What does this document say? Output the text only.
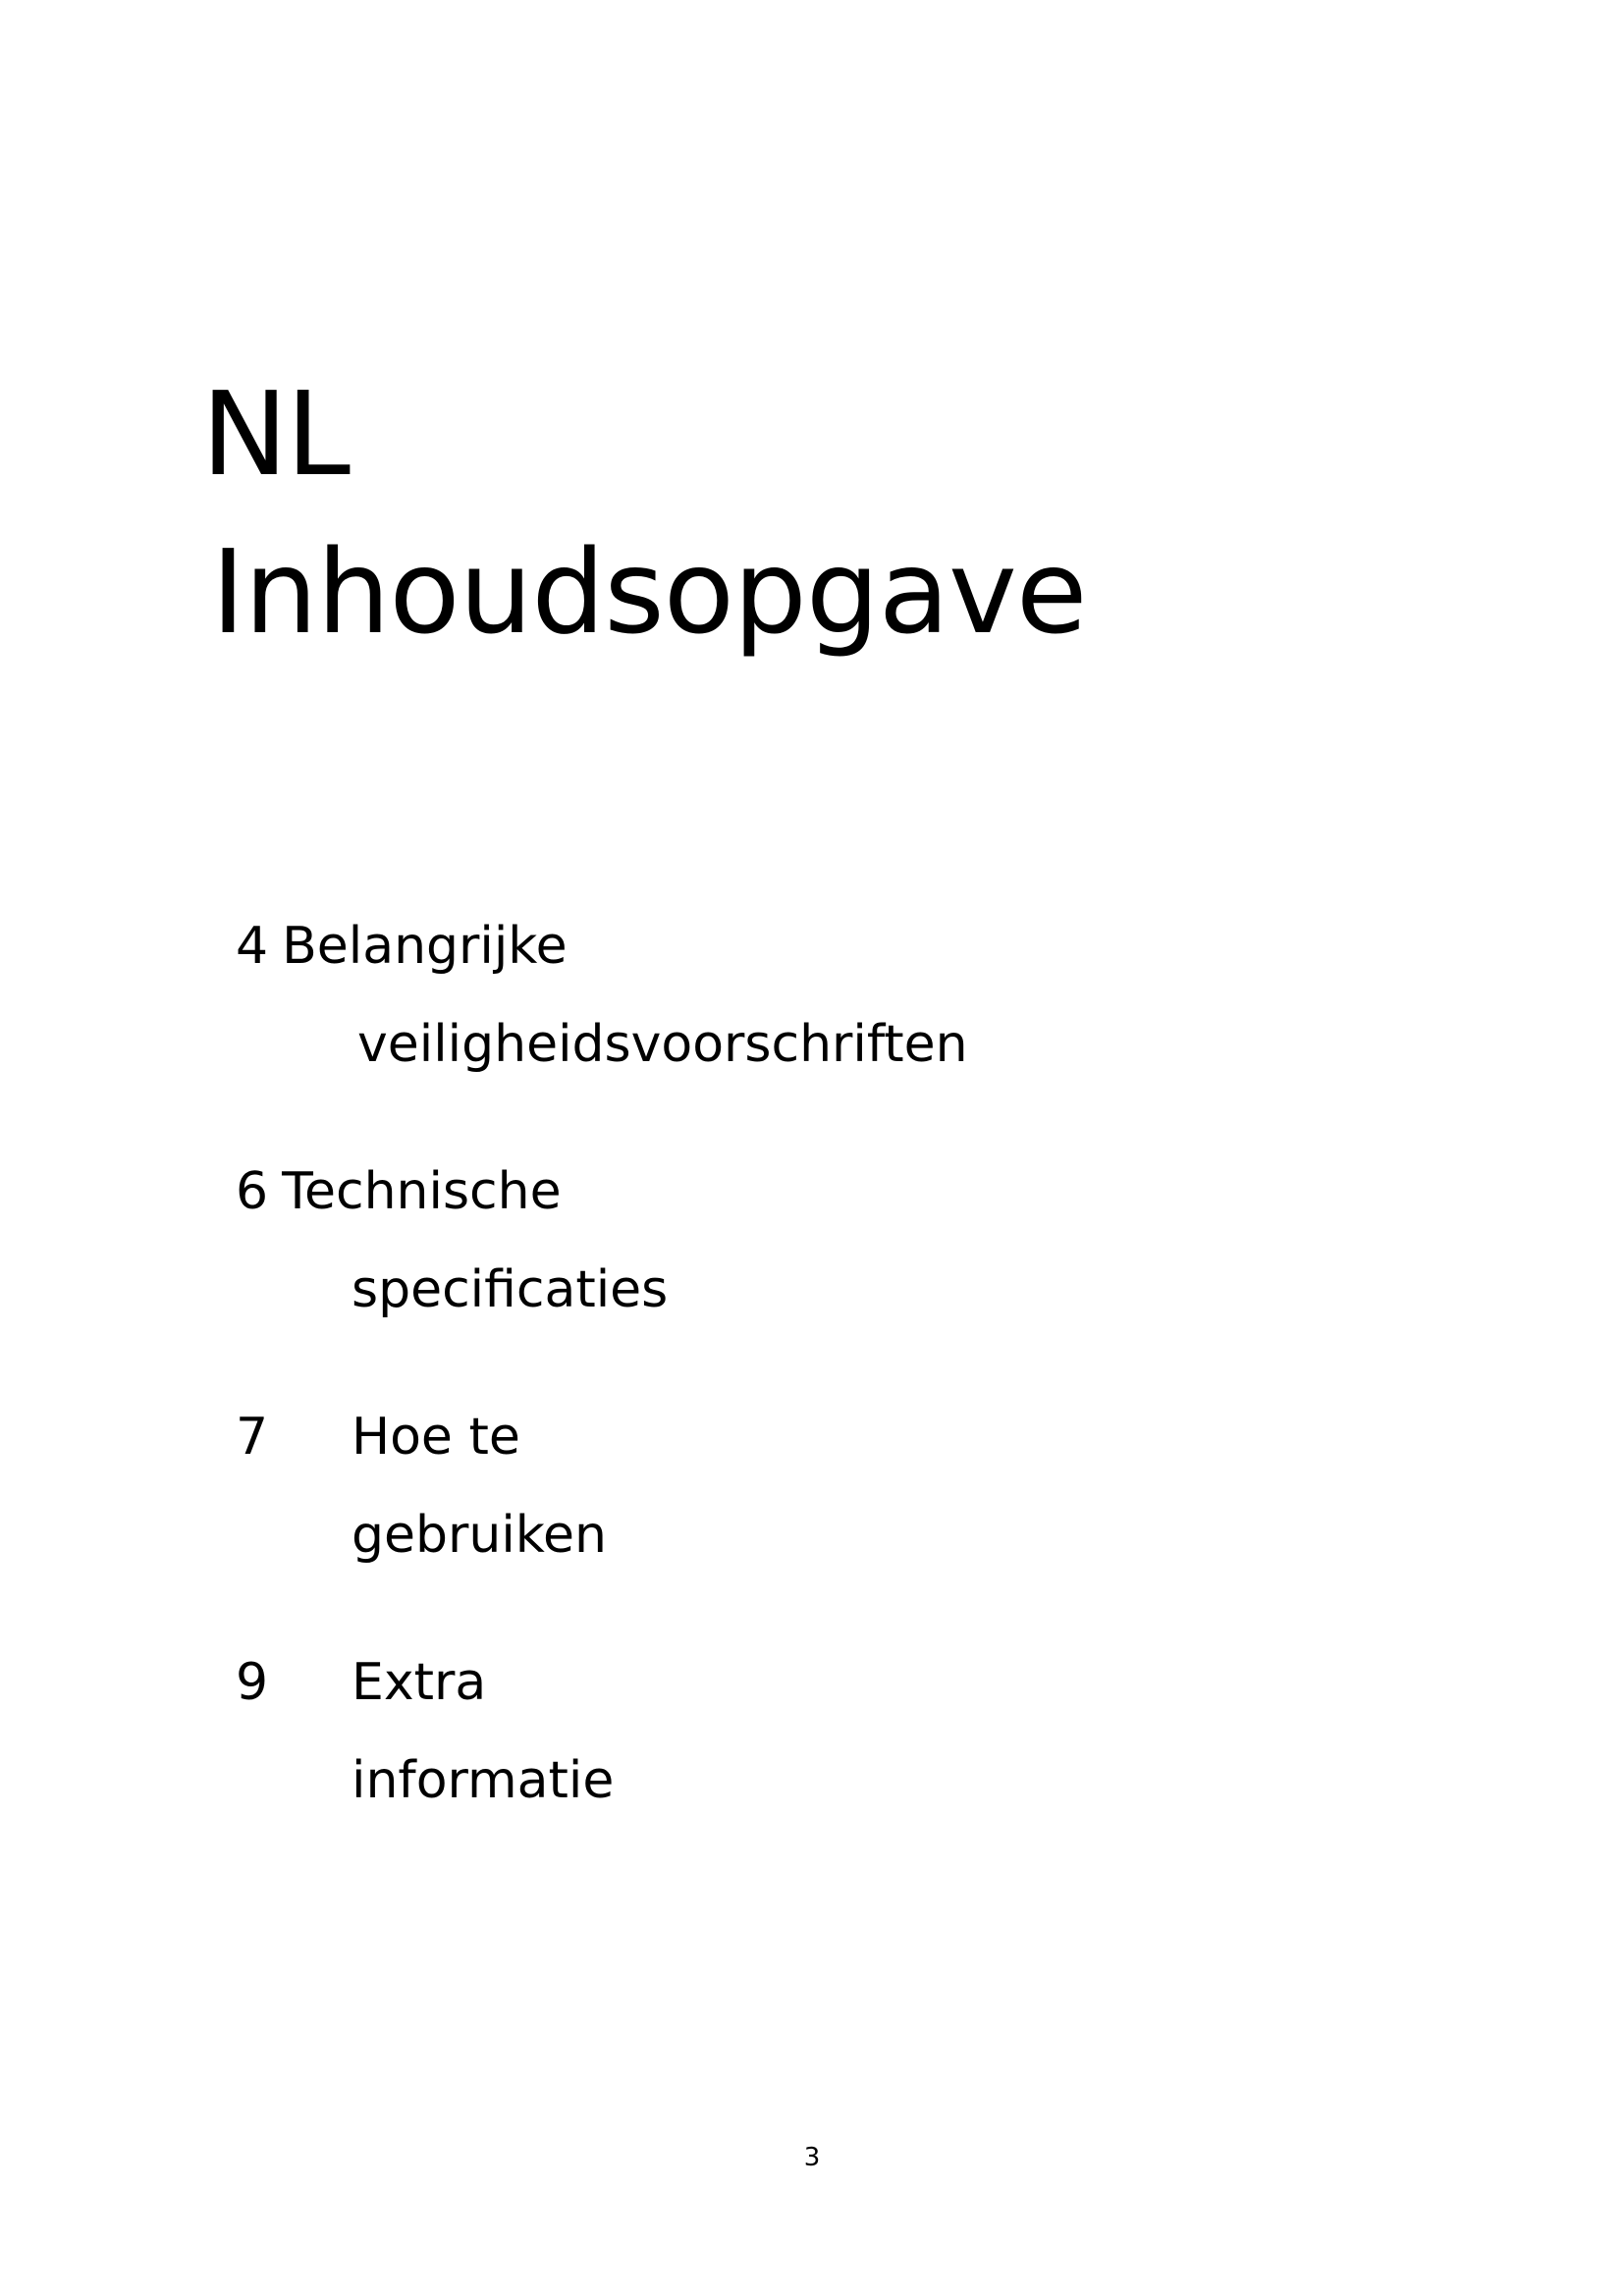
NL
Inhoudsopgave
4 Belangrijke
veiligheidsvoorschriften
6 Technische
specificaties
7 Hoe te
gebruiken
9 Extra
informatie
3
